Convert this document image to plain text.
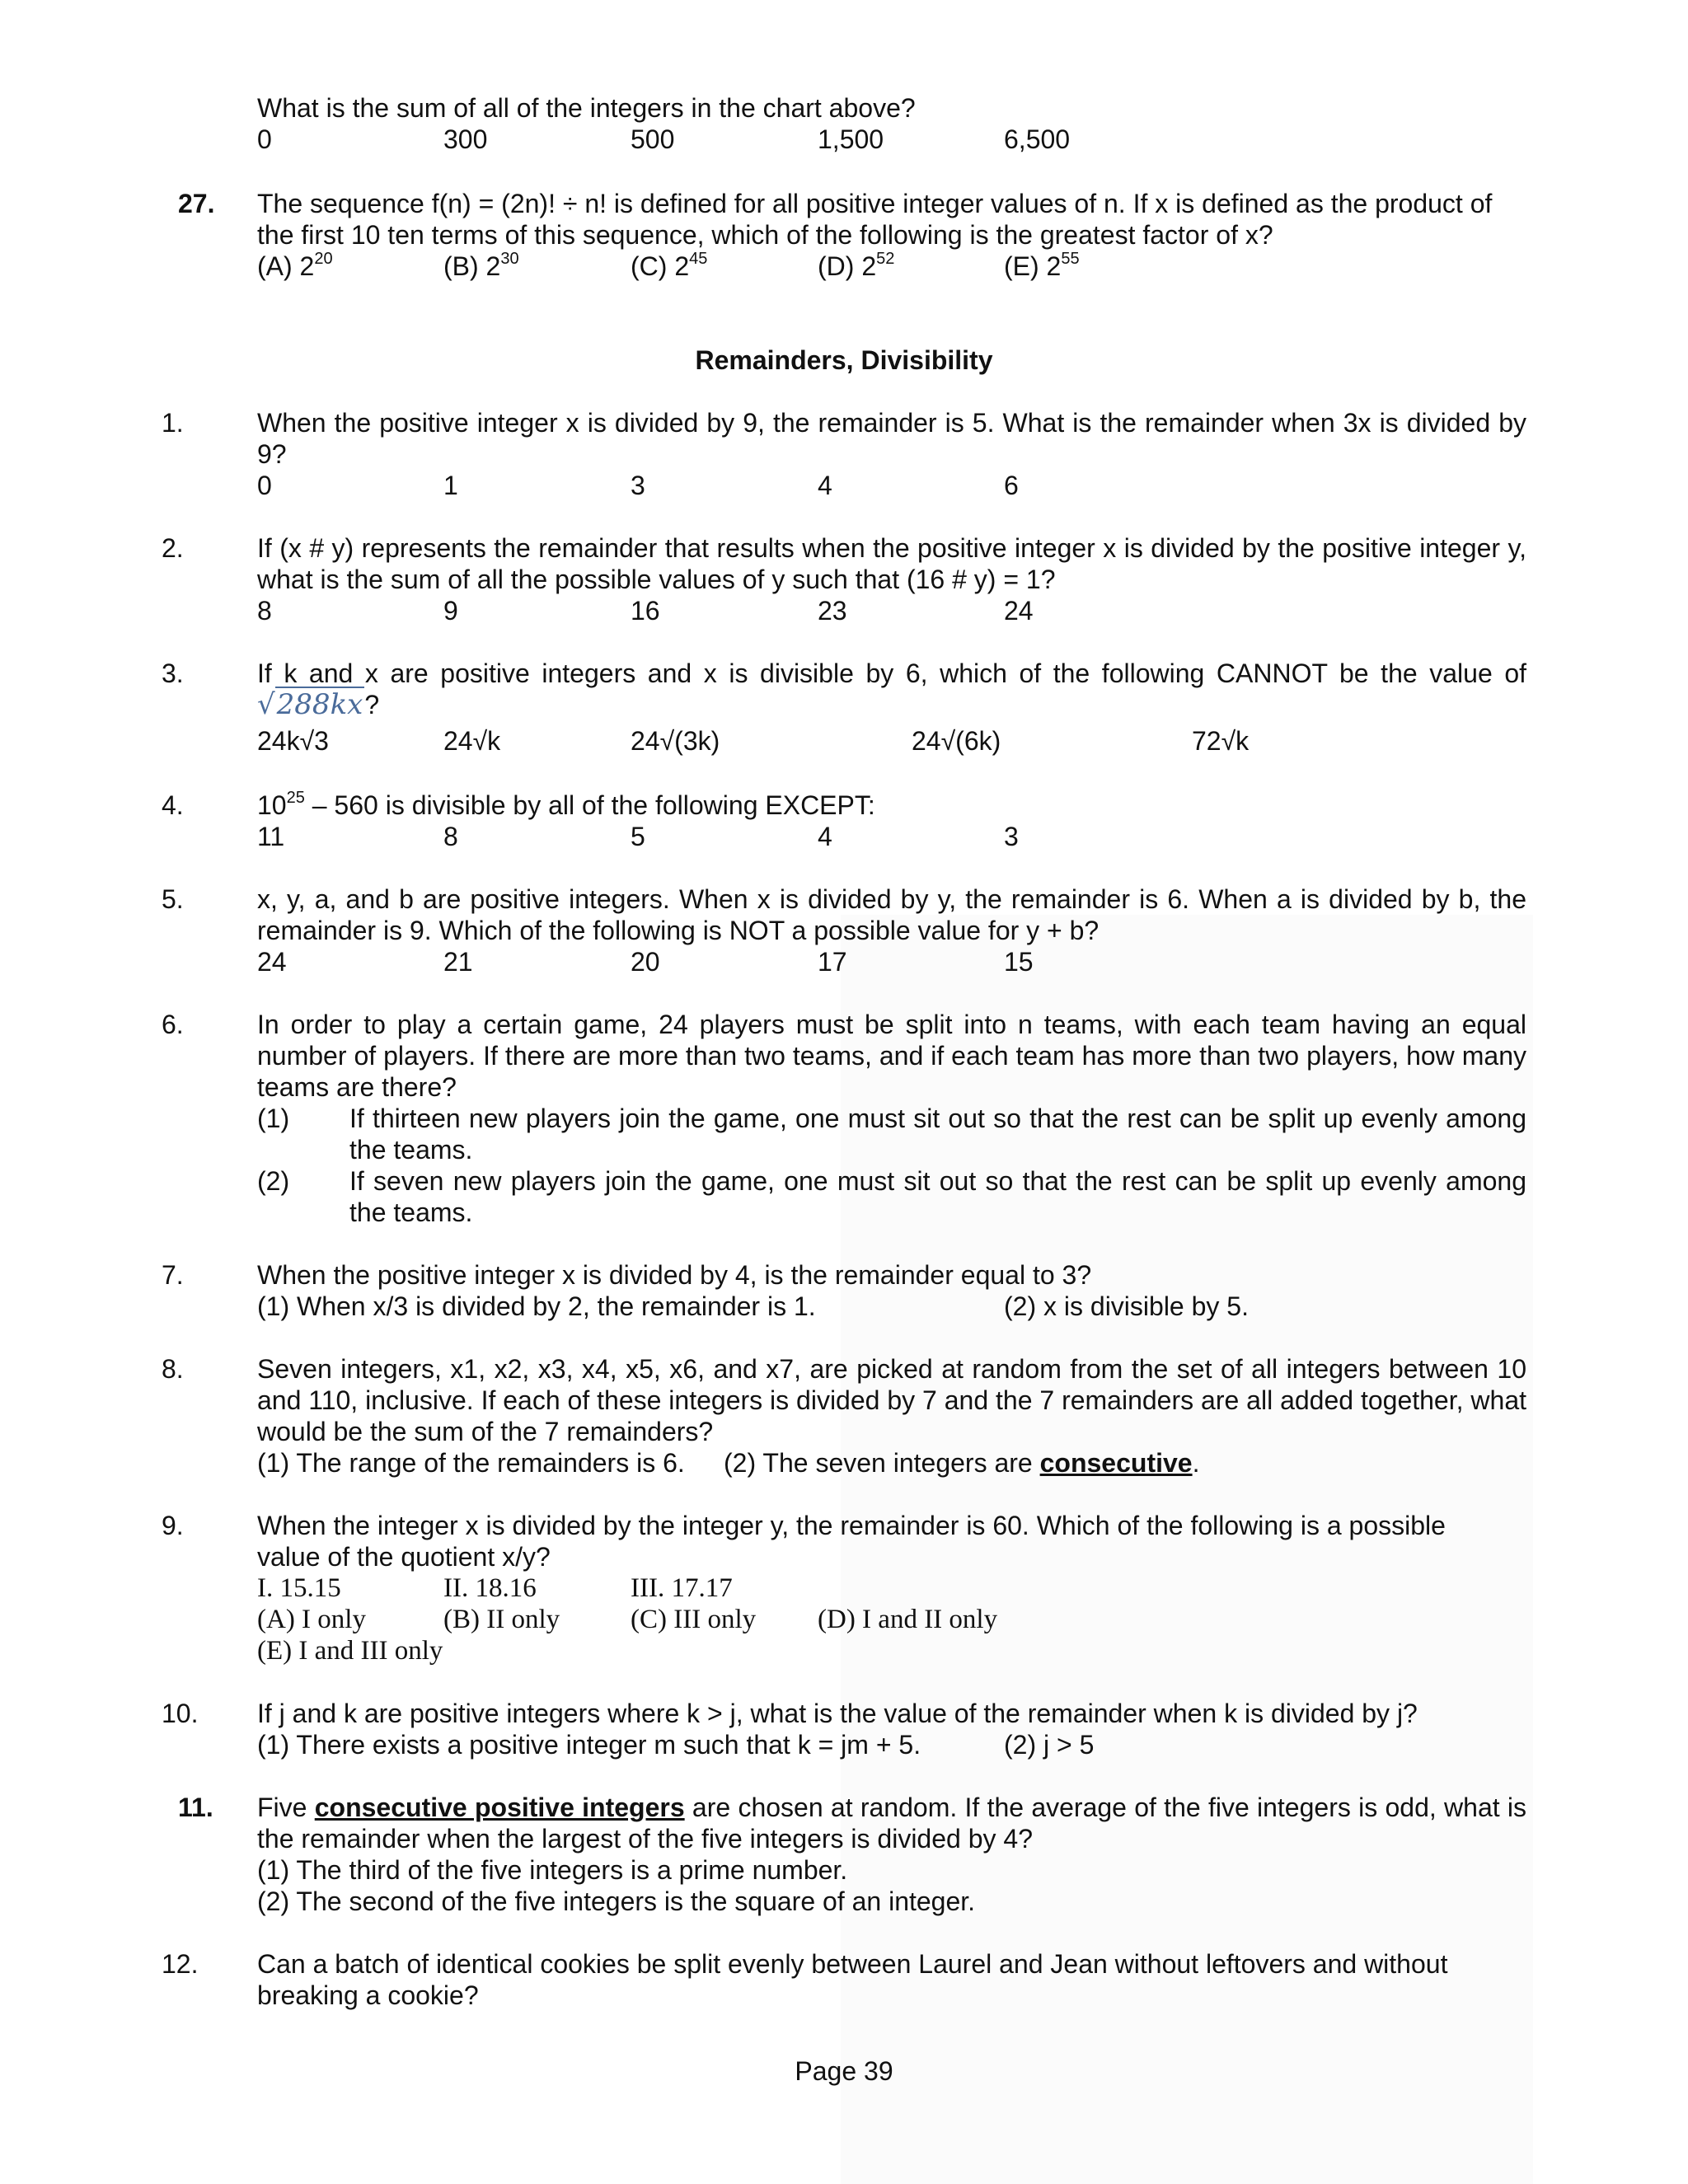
What is the sum of all of the integers in the chart above?
0	300	500	1,500	6,500
27. The sequence f(n) = (2n)! ÷ n! is defined for all positive integer values of n. If x is defined as the product of
the first 10 ten terms of this sequence, which of the following is the greatest factor of x?
(A) $2^{20}$	(B) $2^{30}$	(C) $2^{45}$	(D) $2^{52}$	(E) $2^{55}$
Remainders, Divisibility
1.	When the positive integer x is divided by 9, the remainder is 5. What is the remainder when 3x is divided by 9?
0	1	3	4	6
2.	If (x # y) represents the remainder that results when the positive integer x is divided by the positive integer y, what is the sum of all the possible values of y such that (16 # y) = 1?
8	9	16	23	24
3.	If k and x are positive integers and x is divisible by 6, which of the following CANNOT be the value of
√288kx?
24k√3	24√k	24√(3k)	24√(6k)	72√k
4.	$10^{25} - 560$ is divisible by all of the following EXCEPT:
11	8	5	4	3
5.	x, y, a, and b are positive integers. When x is divided by y, the remainder is 6. When a is divided by b, the remainder is 9. Which of the following is NOT a possible value for y + b?
24	21	20	17	15
6.	In order to play a certain game, 24 players must be split into n teams, with each team having an equal number of players. If there are more than two teams, and if each team has more than two players, how many teams are there?
(1) If thirteen new players join the game, one must sit out so that the rest can be split up evenly among the teams.
(2) If seven new players join the game, one must sit out so that the rest can be split up evenly among the teams.
7.	When the positive integer x is divided by 4, is the remainder equal to 3?
(1) When x/3 is divided by 2, the remainder is 1.	(2) x is divisible by 5.
8.	Seven integers, x1, x2, x3, x4, x5, x6, and x7, are picked at random from the set of all integers between 10 and 110, inclusive. If each of these integers is divided by 7 and the 7 remainders are all added together, what would be the sum of the 7 remainders?
(1) The range of the remainders is 6. (2) The seven integers are consecutive.
9.	When the integer x is divided by the integer y, the remainder is 60. Which of the following is a possible
value of the quotient x/y?
I. 15.15	II. 18.16	III. 17.17
(A) I only	(B) II only	(C) III only (D) I and II only
(E) I and III only
10. If j and k are positive integers where k > j, what is the value of the remainder when k is divided by j?
(1) There exists a positive integer m such that k = jm + 5.	(2) j > 5
11. Five consecutive positive integers are chosen at random. If the average of the five integers is odd, what is the remainder when the largest of the five integers is divided by 4?
(1) The third of the five integers is a prime number.
(2) The second of the five integers is the square of an integer.
12. Can a batch of identical cookies be split evenly between Laurel and Jean without leftovers and without breaking a cookie?
Page 39
